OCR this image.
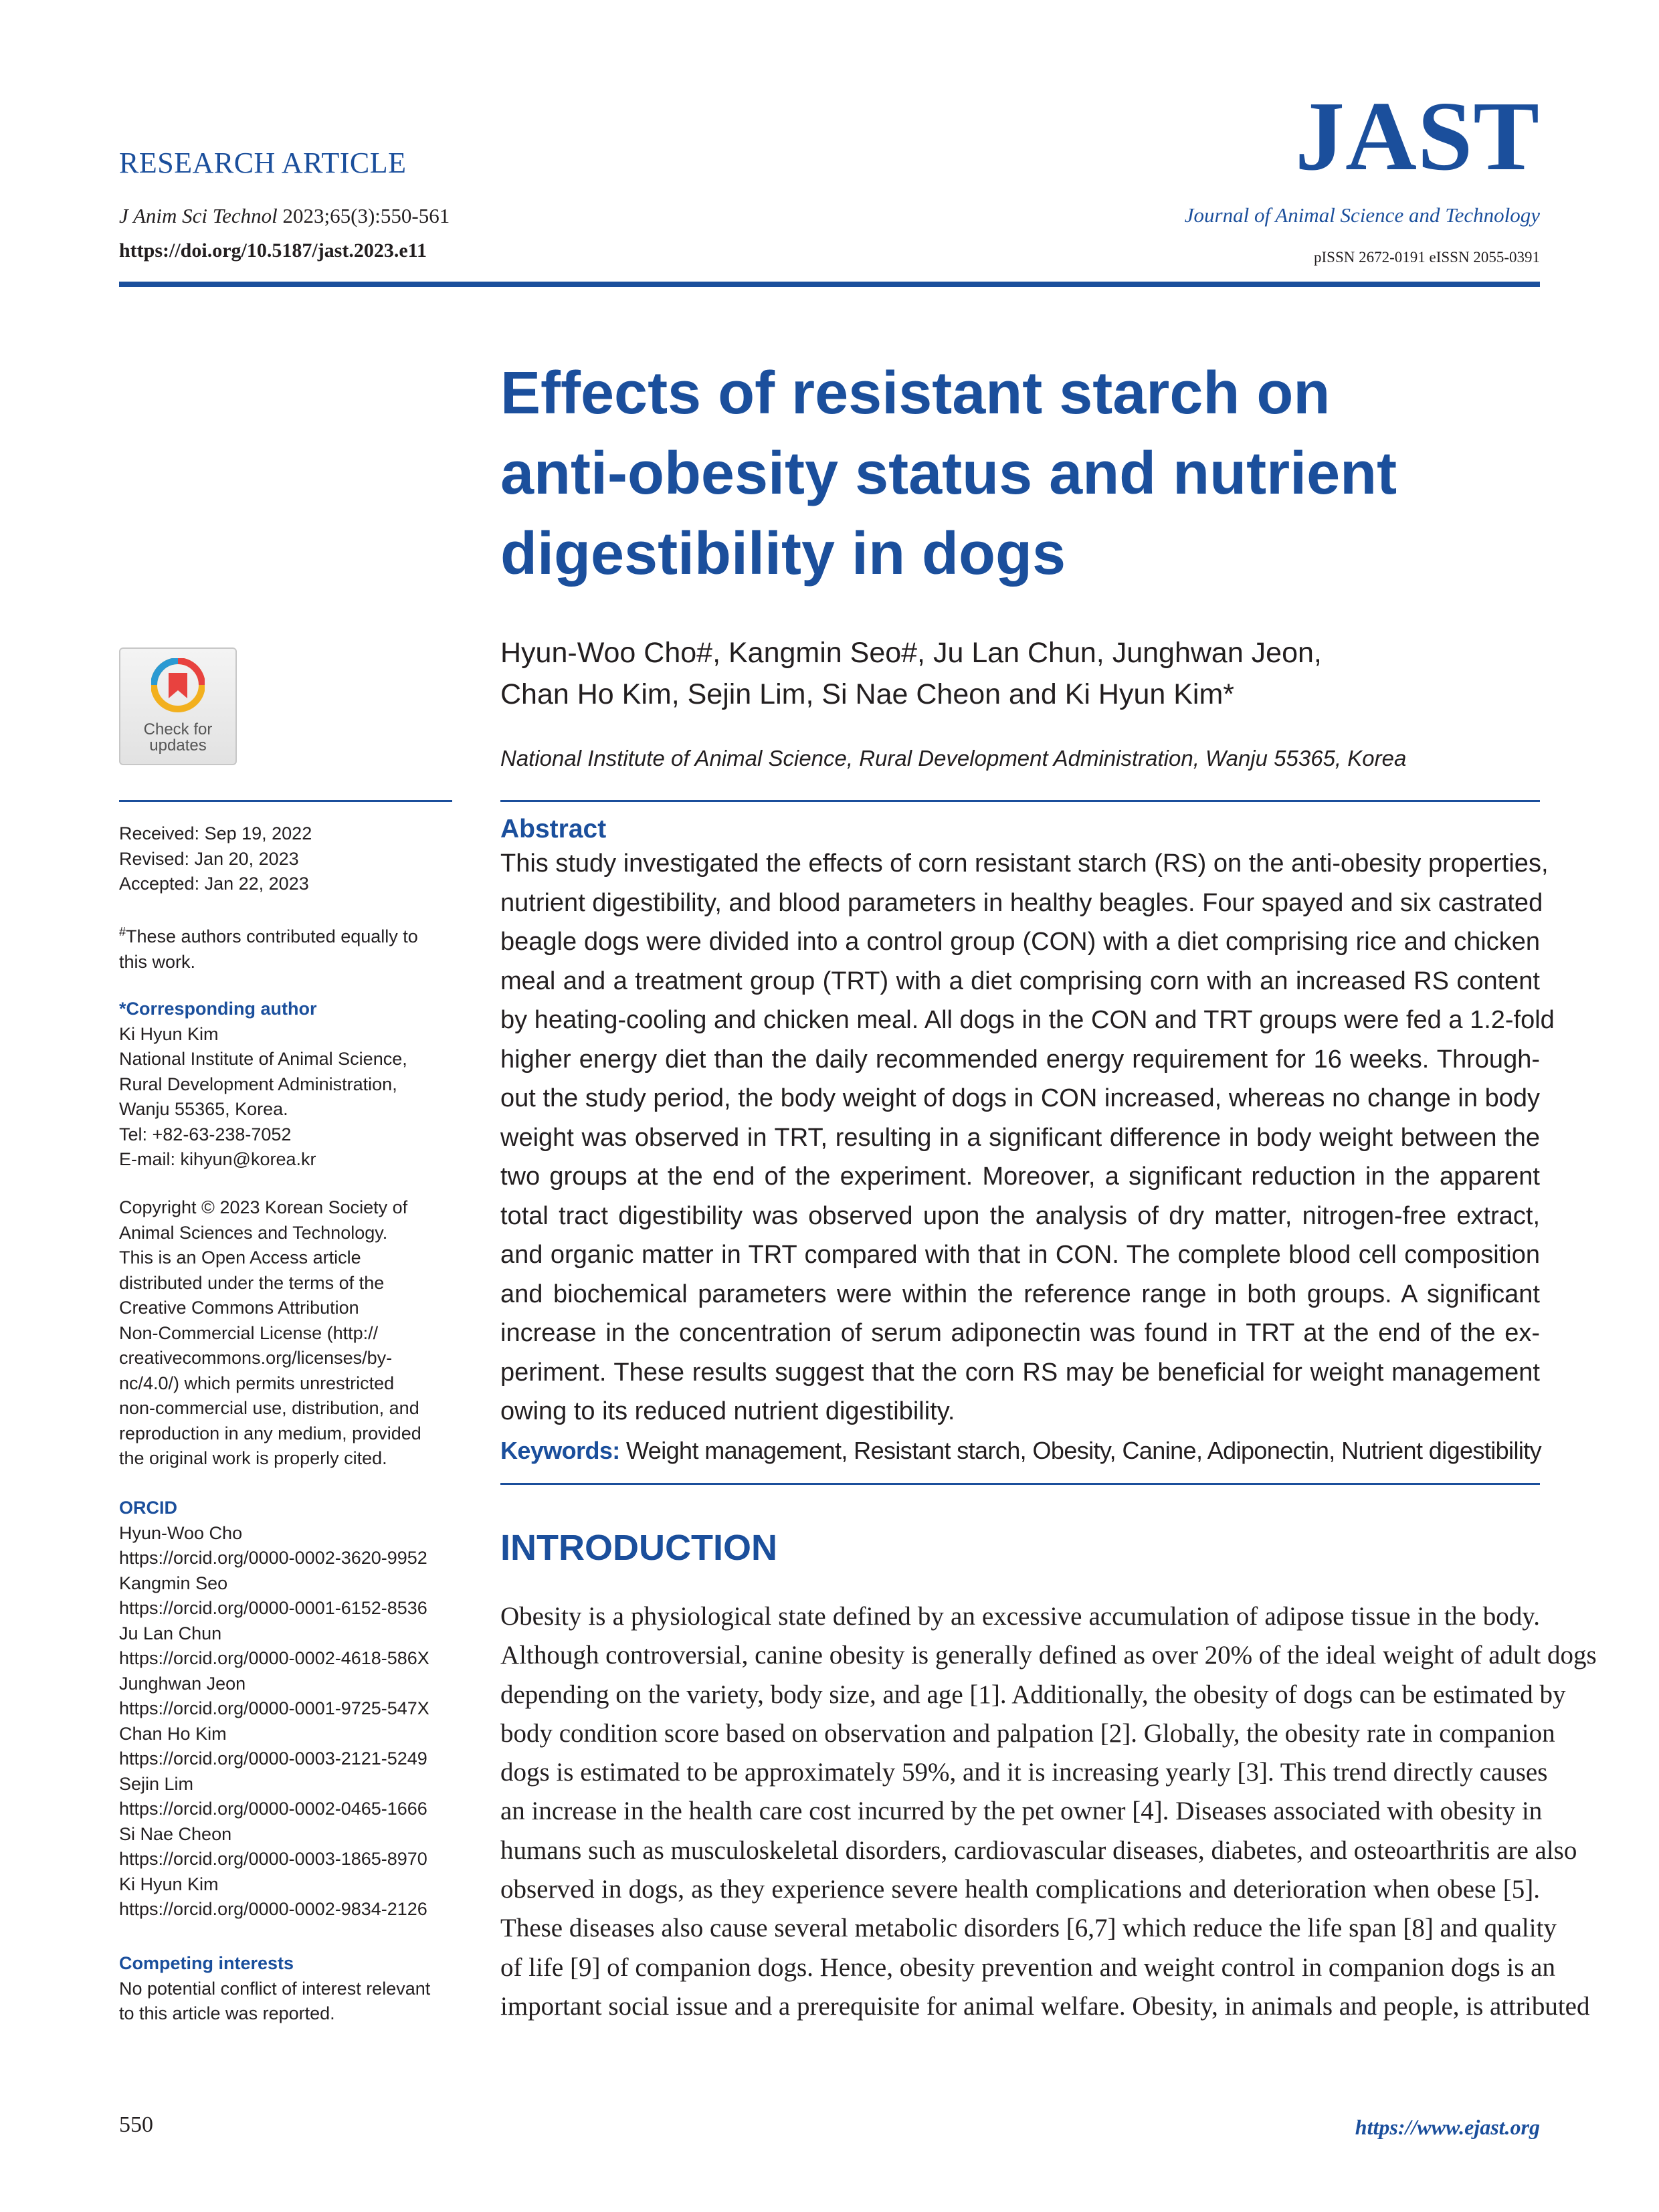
RESEARCH ARTICLE
J Anim Sci Technol 2023;65(3):550-561
https://doi.org/10.5187/jast.2023.e11
JAST
Journal of Animal Science and Technology
pISSN 2672-0191 eISSN 2055-0391
Effects of resistant starch on
anti-obesity status and nutrient
digestibility in dogs
Hyun-Woo Cho#, Kangmin Seo#, Ju Lan Chun, Junghwan Jeon,
Chan Ho Kim, Sejin Lim, Si Nae Cheon and Ki Hyun Kim*
National Institute of Animal Science, Rural Development Administration, Wanju 55365, Korea
Check for
updates
Received: Sep 19, 2022
Revised: Jan 20, 2023
Accepted: Jan 22, 2023
#These authors contributed equally to
this work.
*Corresponding author
Ki Hyun Kim
National Institute of Animal Science,
Rural Development Administration,
Wanju 55365, Korea.
Tel: +82-63-238-7052
E-mail: kihyun@korea.kr
Copyright © 2023 Korean Society of
Animal Sciences and Technology.
This is an Open Access article
distributed under the terms of the
Creative Commons Attribution
Non-Commercial License (http://
creativecommons.org/licenses/by-
nc/4.0/) which permits unrestricted
non-commercial use, distribution, and
reproduction in any medium, provided
the original work is properly cited.
ORCID
Hyun-Woo Cho
https://orcid.org/0000-0002-3620-9952
Kangmin Seo
https://orcid.org/0000-0001-6152-8536
Ju Lan Chun
https://orcid.org/0000-0002-4618-586X
Junghwan Jeon
https://orcid.org/0000-0001-9725-547X
Chan Ho Kim
https://orcid.org/0000-0003-2121-5249
Sejin Lim
https://orcid.org/0000-0002-0465-1666
Si Nae Cheon
https://orcid.org/0000-0003-1865-8970
Ki Hyun Kim
https://orcid.org/0000-0002-9834-2126
Competing interests
No potential conflict of interest relevant
to this article was reported.
Abstract
This study investigated the effects of corn resistant starch (RS) on the anti-obesity properties,
nutrient digestibility, and blood parameters in healthy beagles. Four spayed and six castrated
beagle dogs were divided into a control group (CON) with a diet comprising rice and chicken
meal and a treatment group (TRT) with a diet comprising corn with an increased RS content
by heating-cooling and chicken meal. All dogs in the CON and TRT groups were fed a 1.2-fold
higher energy diet than the daily recommended energy requirement for 16 weeks. Through-
out the study period, the body weight of dogs in CON increased, whereas no change in body
weight was observed in TRT, resulting in a significant difference in body weight between the
two groups at the end of the experiment. Moreover, a significant reduction in the apparent
total tract digestibility was observed upon the analysis of dry matter, nitrogen-free extract,
and organic matter in TRT compared with that in CON. The complete blood cell composition
and biochemical parameters were within the reference range in both groups. A significant
increase in the concentration of serum adiponectin was found in TRT at the end of the ex-
periment. These results suggest that the corn RS may be beneficial for weight management
owing to its reduced nutrient digestibility.
Keywords: Weight management, Resistant starch, Obesity, Canine, Adiponectin, Nutrient digestibility
INTRODUCTION
Obesity is a physiological state defined by an excessive accumulation of adipose tissue in the body.
Although controversial, canine obesity is generally defined as over 20% of the ideal weight of adult dogs
depending on the variety, body size, and age [1]. Additionally, the obesity of dogs can be estimated by
body condition score based on observation and palpation [2]. Globally, the obesity rate in companion
dogs is estimated to be approximately 59%, and it is increasing yearly [3]. This trend directly causes
an increase in the health care cost incurred by the pet owner [4]. Diseases associated with obesity in
humans such as musculoskeletal disorders, cardiovascular diseases, diabetes, and osteoarthritis are also
observed in dogs, as they experience severe health complications and deterioration when obese [5].
These diseases also cause several metabolic disorders [6,7] which reduce the life span [8] and quality
of life [9] of companion dogs. Hence, obesity prevention and weight control in companion dogs is an
important social issue and a prerequisite for animal welfare. Obesity, in animals and people, is attributed
550	https://www.ejast.org
